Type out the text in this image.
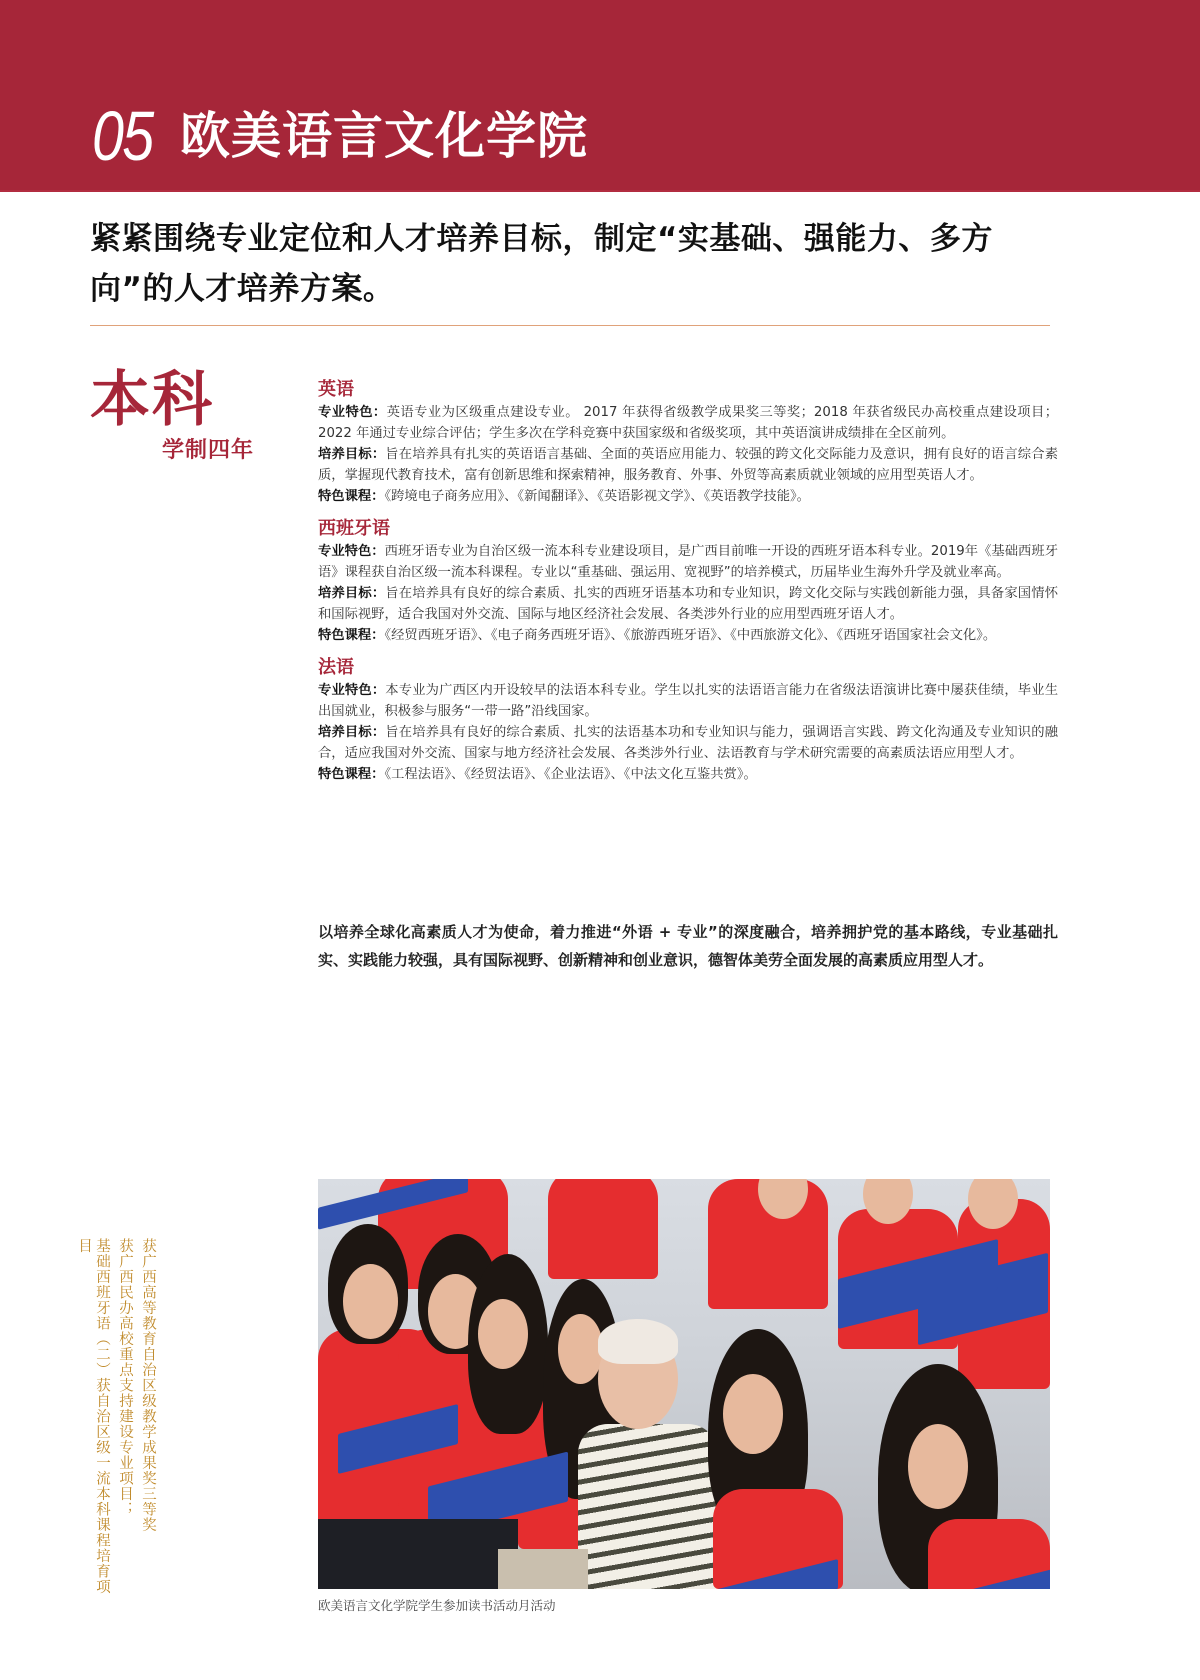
05 欧美语言文化学院
紧紧围绕专业定位和人才培养目标，制定“实基础、强能力、多方向”的人才培养方案。
本科
学制四年
英语
专业特色：英语专业为区级重点建设专业。 2017 年获得省级教学成果奖三等奖；2018 年获省级民办高校重点建设项目；2022 年通过专业综合评估；学生多次在学科竞赛中获国家级和省级奖项，其中英语演讲成绩排在全区前列。
培养目标：旨在培养具有扎实的英语语言基础、全面的英语应用能力、较强的跨文化交际能力及意识，拥有良好的语言综合素质，掌握现代教育技术，富有创新思维和探索精神，服务教育、外事、外贸等高素质就业领域的应用型英语人才。
特色课程：《跨境电子商务应用》、《新闻翻译》、《英语影视文学》、《英语教学技能》。
西班牙语
专业特色：西班牙语专业为自治区级一流本科专业建设项目，是广西目前唯一开设的西班牙语本科专业。2019年《基础西班牙语》课程获自治区级一流本科课程。专业以“重基础、强运用、宽视野”的培养模式，历届毕业生海外升学及就业率高。
培养目标：旨在培养具有良好的综合素质、扎实的西班牙语基本功和专业知识，跨文化交际与实践创新能力强，具备家国情怀和国际视野，适合我国对外交流、国际与地区经济社会发展、各类涉外行业的应用型西班牙语人才。
特色课程：《经贸西班牙语》、《电子商务西班牙语》、《旅游西班牙语》、《中西旅游文化》、《西班牙语国家社会文化》。
法语
专业特色：本专业为广西区内开设较早的法语本科专业。学生以扎实的法语语言能力在省级法语演讲比赛中屡获佳绩，毕业生出国就业，积极参与服务“一带一路”沿线国家。
培养目标：旨在培养具有良好的综合素质、扎实的法语基本功和专业知识与能力，强调语言实践、跨文化沟通及专业知识的融合，适应我国对外交流、国家与地方经济社会发展、各类涉外行业、法语教育与学术研究需要的高素质法语应用型人才。
特色课程：《工程法语》、《经贸法语》、《企业法语》、《中法文化互鉴共赏》。
以培养全球化高素质人才为使命，着力推进“外语 + 专业”的深度融合，培养拥护党的基本路线，专业基础扎实、实践能力较强，具有国际视野、创新精神和创业意识，德智体美劳全面发展的高素质应用型人才。
获广西高等教育自治区级教学成果奖三等奖
获广西民办高校重点支持建设专业项目；
基础西班牙语（二）获自治区级一流本科课程培育项目
欧美语言文化学院学生参加读书活动月活动
